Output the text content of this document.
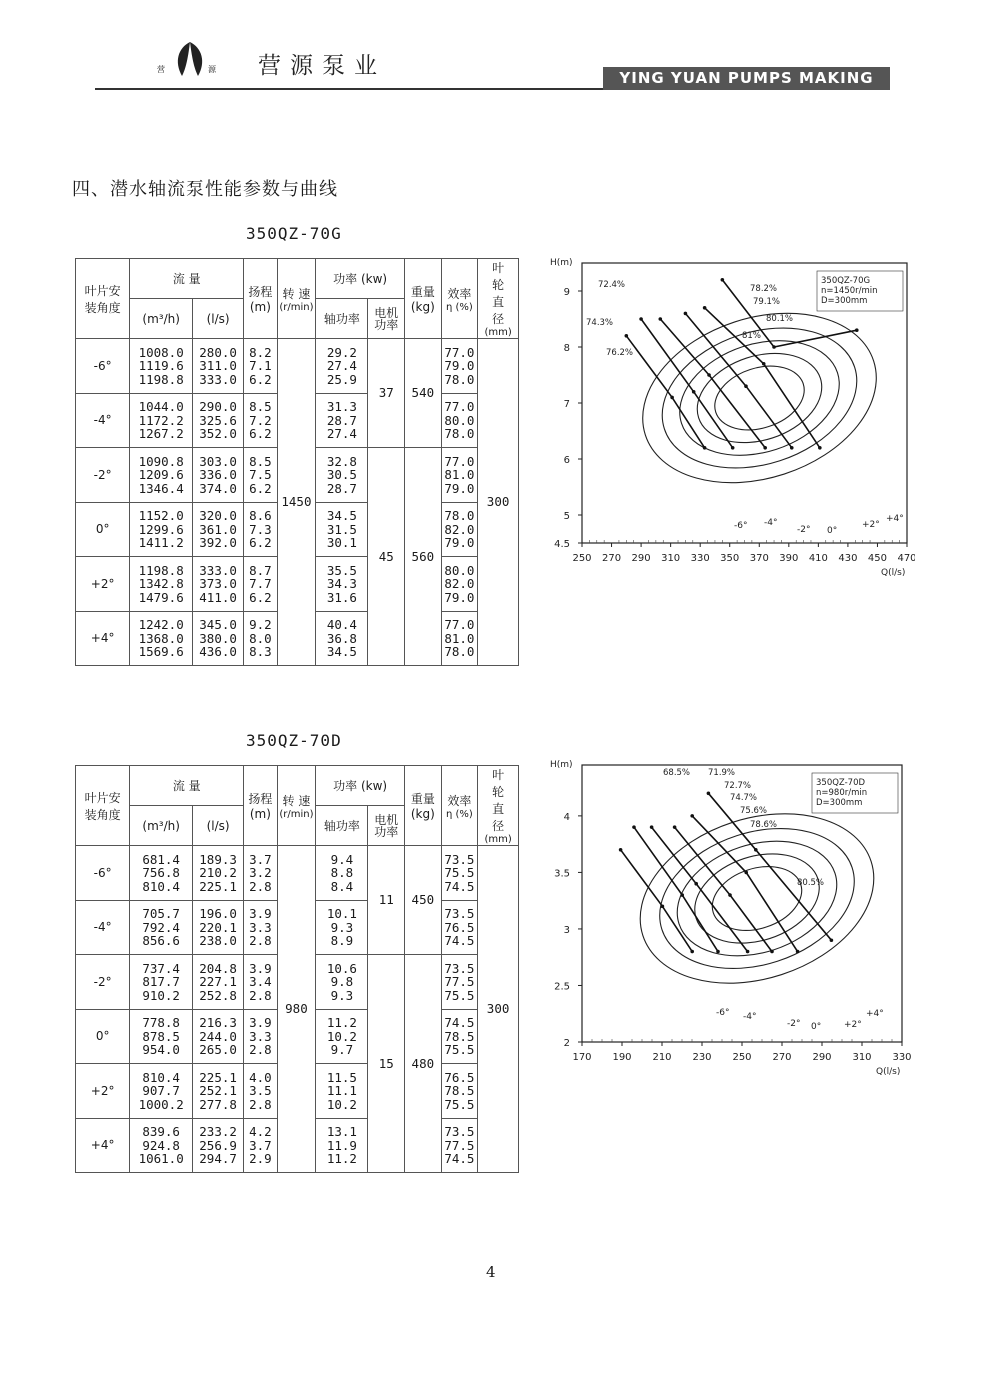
营	源 营源泵业	YING YUAN PUMPS MAKING
四、潜水轴流泵性能参数与曲线
350QZ-70G
350QZ-70D
叶片安装角度	流 量		扬程
(m)	转 速
(r/min)	功率 (kw)		重量
(kg)	效率
η (%)	叶轮直径
(mm)

	(m³/h)	(l/s)			轴功率	电机功率			
-6°	1008.0
1119.6
1198.8	280.0
311.0
333.0	8.2
7.1
6.2	1450	29.2
27.4
25.9	37	540	77.0
79.0
78.0	300
-4°	1044.0
1172.2
1267.2	290.0
325.6
352.0	8.5
7.2
6.2		31.3
28.7
27.4			77.0
80.0
78.0	

-2°	1090.8
1209.6
1346.4	303.0
336.0
374.0	8.5
7.5
6.2		32.8
30.5
28.7	45	560	77.0
81.0
79.0	

0°	1152.0
1299.6
1411.2	320.0
361.0
392.0	8.6
7.3
6.2		34.5
31.5
30.1			78.0
82.0
79.0	

+2°	1198.8
1342.8
1479.6	333.0
373.0
411.0	8.7
7.7
6.2		35.5
34.3
31.6			80.0
82.0
79.0	

+4°	1242.0
1368.0
1569.6	345.0
380.0
436.0	9.2
8.0
8.3		40.4
36.8
34.5			77.0
81.0
78.0	
叶片安装角度	流 量		扬程
(m)	转 速
(r/min)	功率 (kw)		重量
(kg)	效率
η (%)	叶轮直径
(mm)

	(m³/h)	(l/s)			轴功率	电机功率			
-6°	681.4
756.8
810.4	189.3
210.2
225.1	3.7
3.2
2.8	980	9.4
8.8
8.4	11	450	73.5
75.5
74.5	300
-4°	705.7
792.4
856.6	196.0
220.1
238.0	3.9
3.3
2.8		10.1
9.3
8.9			73.5
76.5
74.5	

-2°	737.4
817.7
910.2	204.8
227.1
252.8	3.9
3.4
2.8		10.6
9.8
9.3	15	480	73.5
77.5
75.5	

0°	778.8
878.5
954.0	216.3
244.0
265.0	3.9
3.3
2.8		11.2
10.2
9.7			74.5
78.5
75.5	

+2°	810.4
907.7
1000.2	225.1
252.1
277.8	4.0
3.5
2.8		11.5
11.1
10.2			76.5
78.5
75.5	

+4°	839.6
924.8
1061.0	233.2
256.9
294.7	4.2
3.7
2.9		13.1
11.9
11.2			73.5
77.5
74.5	
250 270 290 310 330 350 370 390 410 430 450 470
4.5
5
6
7
8
9
H(m)
Q(l/s)
350QZ-70G
n=1450r/min
D=300mm
-6° -4°
-2° 0°
+2°
+4°
72.4%
74.3%
76.2%
78.2%
79.1%
80.1%
81%
170 190 210 230 250 270 290 310 330
2
2.5
3
3.5
4
H(m)
Q(l/s)
350QZ-70D
n=980r/min
D=300mm
-6° -4°
-2° 0°	+2°
+4°
68.5% 71.9%
72.7%
74.7%
75.6%
78.6%
80.5%
4
